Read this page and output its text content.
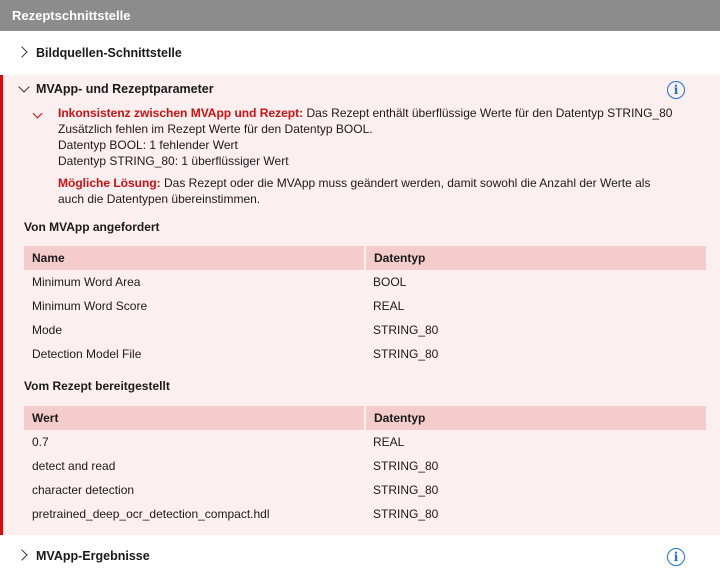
Rezeptschnittstelle
Bildquellen-Schnittstelle
MVApp- und Rezeptparameter	i
Inkonsistenz zwischen MVApp und Rezept: Das Rezept enthält überflüssige Werte für den Datentyp STRING_80
Zusätzlich fehlen im Rezept Werte für den Datentyp BOOL.
Datentyp BOOL: 1 fehlender Wert
Datentyp STRING_80: 1 überflüssiger Wert
Mögliche Lösung: Das Rezept oder die MVApp muss geändert werden, damit sowohl die Anzahl der Werte als auch die Datentypen übereinstimmen.
Von MVApp angefordert
Name	Datentyp
Minimum Word Area	BOOL
Minimum Word Score	REAL
Mode	STRING_80
Detection Model File	STRING_80
Vom Rezept bereitgestellt
Wert	Datentyp
0.7	REAL
detect and read	STRING_80
character detection	STRING_80
pretrained_deep_ocr_detection_compact.hdl	STRING_80
MVApp-Ergebnisse	i
